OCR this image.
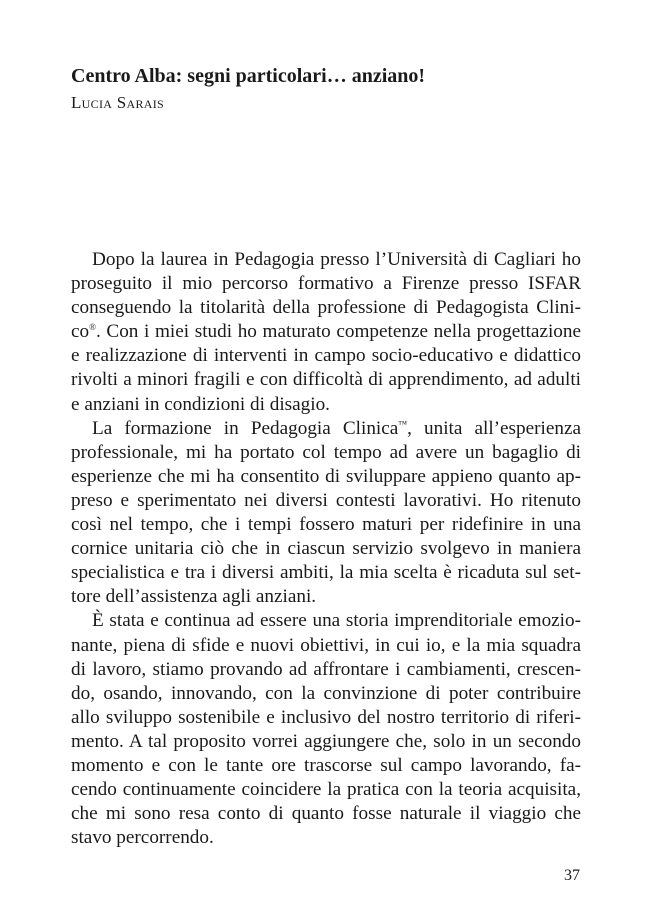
Centro Alba: segni particolari… anziano!
Lucia Sarais

Dopo la laurea in Pedagogia presso l’Università di Cagliari ho proseguito il mio percorso formativo a Firenze presso ISFAR conseguendo la titolarità della professione di Pedagogista Clini-co®. Con i miei studi ho maturato competenze nella progettazione e realizzazione di interventi in campo socio-educativo e didattico rivolti a minori fragili e con difficoltà di apprendimento, ad adulti e anziani in condizioni di disagio.

La formazione in Pedagogia Clinica™, unita all’esperienza professionale, mi ha portato col tempo ad avere un bagaglio di esperienze che mi ha consentito di sviluppare appieno quanto ap-preso e sperimentato nei diversi contesti lavorativi. Ho ritenuto così nel tempo, che i tempi fossero maturi per ridefinire in una cornice unitaria ciò che in ciascun servizio svolgevo in maniera specialistica e tra i diversi ambiti, la mia scelta è ricaduta sul set-tore dell’assistenza agli anziani.

È stata e continua ad essere una storia imprenditoriale emozio-nante, piena di sfide e nuovi obiettivi, in cui io, e la mia squadra di lavoro, stiamo provando ad affrontare i cambiamenti, crescen-do, osando, innovando, con la convinzione di poter contribuire allo sviluppo sostenibile e inclusivo del nostro territorio di riferi-mento. A tal proposito vorrei aggiungere che, solo in un secondo momento e con le tante ore trascorse sul campo lavorando, fa-cendo continuamente coincidere la pratica con la teoria acquisita, che mi sono resa conto di quanto fosse naturale il viaggio che stavo percorrendo.

37
